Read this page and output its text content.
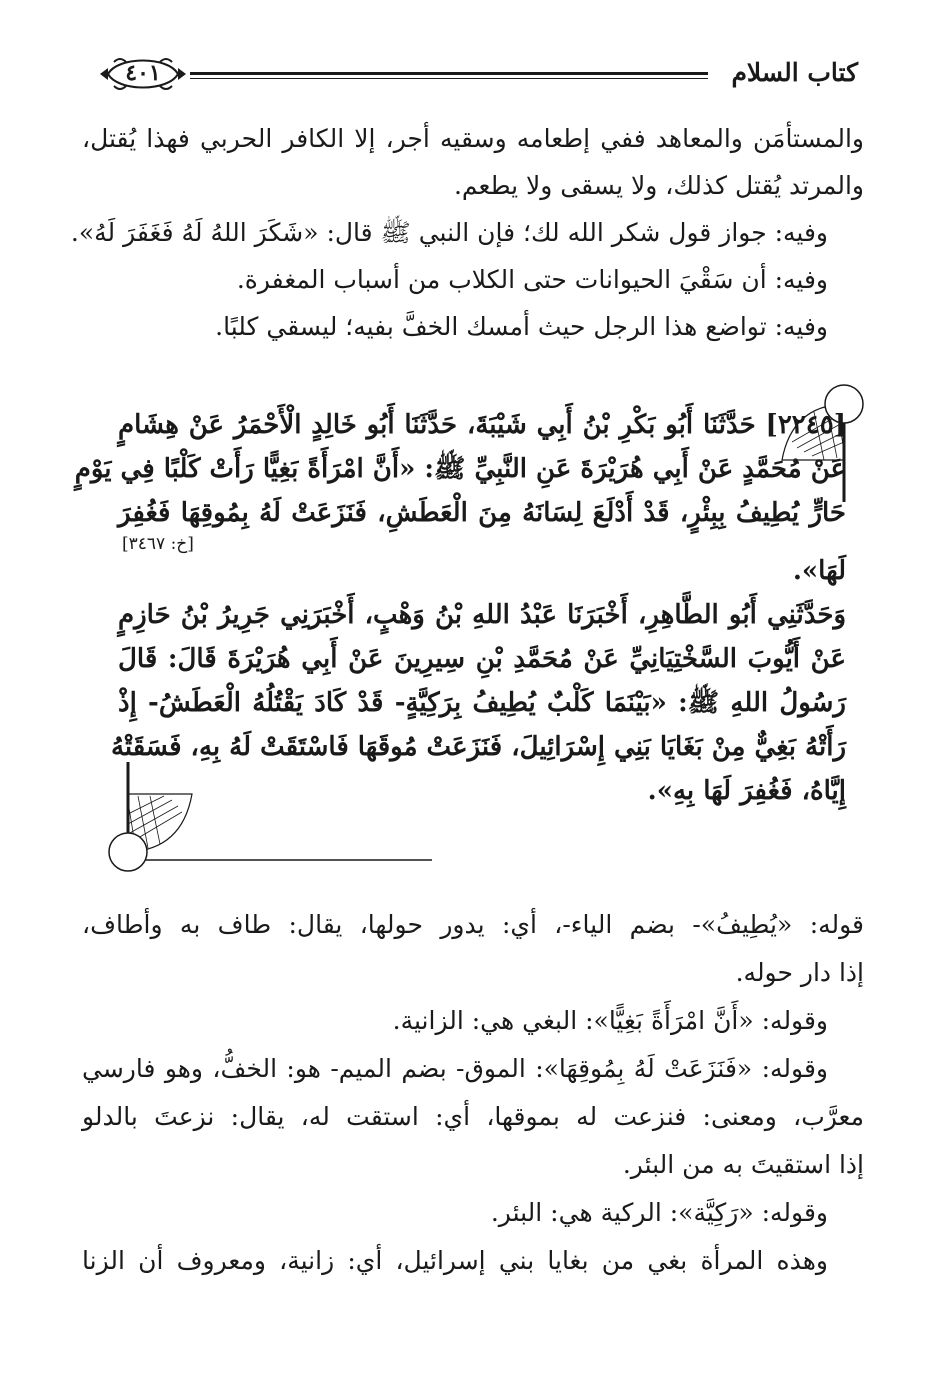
كتاب السلام
٤٠١

والمستأمَن والمعاهد ففي إطعامه وسقيه أجر، إلا الكافر الحربي فهذا يُقتل،

والمرتد يُقتل كذلك، ولا يسقى ولا يطعم.

وفيه: جواز قول شكر الله لك؛ فإن النبي ﷺ قال: «شَكَرَ اللهُ لَهُ فَغَفَرَ لَهُ».

وفيه: أن سَقْيَ الحيوانات حتى الكلاب من أسباب المغفرة.

وفيه: تواضع هذا الرجل حيث أمسك الخفَّ بفيه؛ ليسقي كلبًا.

[٢٢٤٥] حَدَّثَنَا أَبُو بَكْرِ بْنُ أَبِي شَيْبَةَ، حَدَّثَنَا أَبُو خَالِدٍ الْأَحْمَرُ عَنْ هِشَامٍ

عَنْ مُحَمَّدٍ عَنْ أَبِي هُرَيْرَةَ عَنِ النَّبِيِّ ﷺ: «أَنَّ امْرَأَةً بَغِيًّا رَأَتْ كَلْبًا فِي يَوْمٍ

حَارٍّ يُطِيفُ بِبِئْرٍ، قَدْ أَدْلَعَ لِسَانَهُ مِنَ الْعَطَشِ، فَنَزَعَتْ لَهُ بِمُوقِهَا فَغُفِرَ

لَهَا».
[خ: ٣٤٦٧]

وَحَدَّثَنِي أَبُو الطَّاهِرِ، أَخْبَرَنَا عَبْدُ اللهِ بْنُ وَهْبٍ، أَخْبَرَنِي جَرِيرُ بْنُ حَازِمٍ

عَنْ أَيُّوبَ السَّخْتِيَانِيِّ عَنْ مُحَمَّدِ بْنِ سِيرِينَ عَنْ أَبِي هُرَيْرَةَ قَالَ: قَالَ

رَسُولُ اللهِ ﷺ: «بَيْنَمَا كَلْبٌ يُطِيفُ بِرَكِيَّةٍ- قَدْ كَادَ يَقْتُلُهُ الْعَطَشُ- إِذْ

رَأَتْهُ بَغِيٌّ مِنْ بَغَايَا بَنِي إِسْرَائِيلَ، فَنَزَعَتْ مُوقَهَا فَاسْتَقَتْ لَهُ بِهِ، فَسَقَتْهُ

إِيَّاهُ، فَغُفِرَ لَهَا بِهِ».

قوله: «يُطِيفُ»- بضم الياء-، أي: يدور حولها، يقال: طاف به وأطاف،

إذا دار حوله.

وقوله: «أَنَّ امْرَأَةً بَغِيًّا»: البغي هي: الزانية.

وقوله: «فَنَزَعَتْ لَهُ بِمُوقِهَا»: الموق- بضم الميم- هو: الخفُّ، وهو فارسي

معرَّب، ومعنى: فنزعت له بموقها، أي: استقت له، يقال: نزعتَ بالدلو

إذا استقيتَ به من البئر.

وقوله: «رَكِيَّة»: الركية هي: البئر.

وهذه المرأة بغي من بغايا بني إسرائيل، أي: زانية، ومعروف أن الزنا
